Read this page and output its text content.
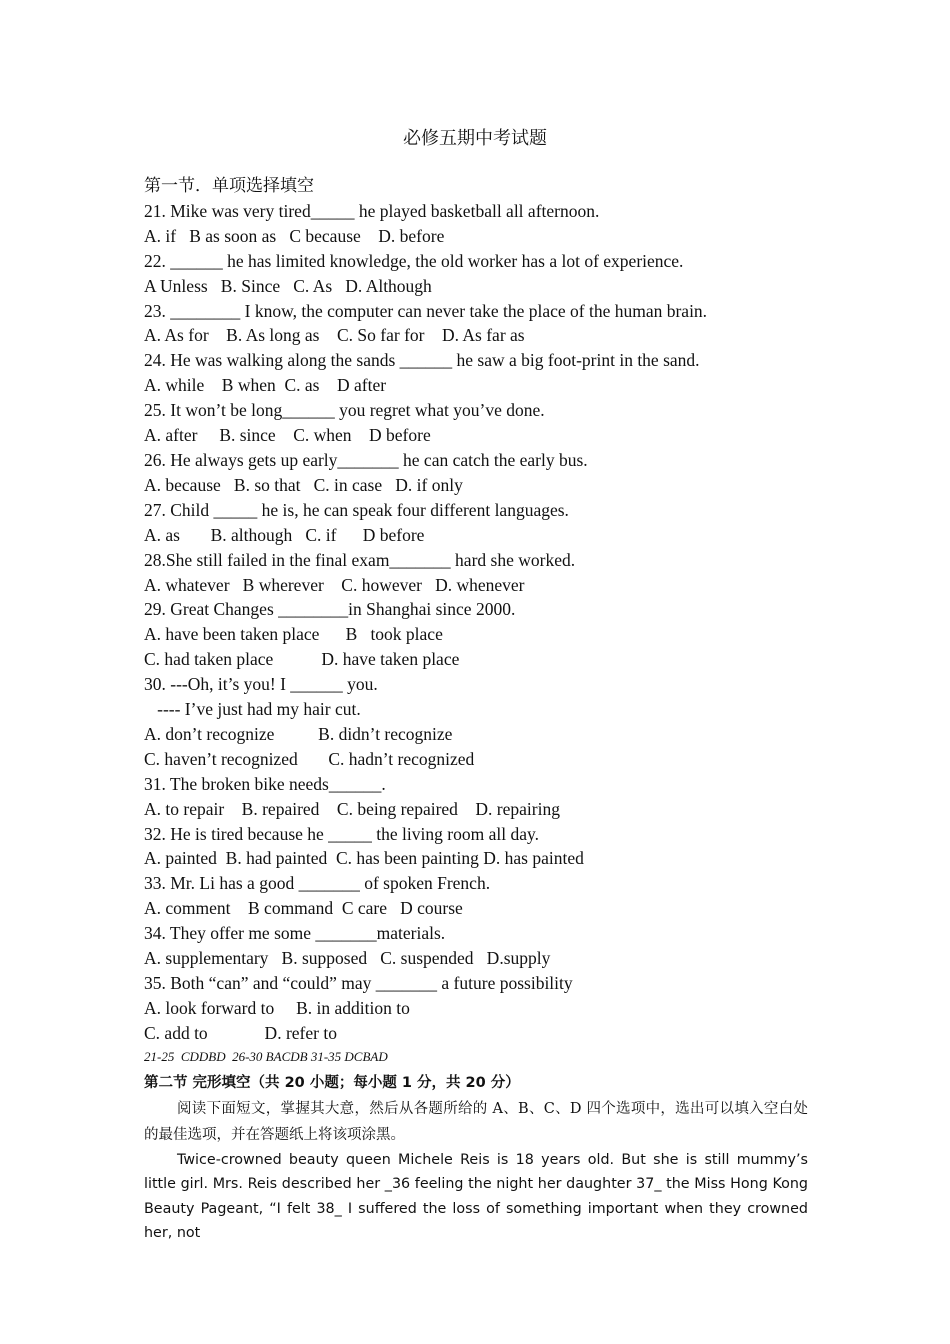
必修五期中考试题
第一节．单项选择填空
21. Mike was very tired_____ he played basketball all afternoon.
A. if   B as soon as   C because    D. before
22. ______ he has limited knowledge, the old worker has a lot of experience.
A Unless   B. Since   C. As   D. Although
23. ________ I know, the computer can never take the place of the human brain.
A. As for    B. As long as    C. So far for    D. As far as
24. He was walking along the sands ______ he saw a big foot-print in the sand.
A. while    B when  C. as    D after
25. It won’t be long______ you regret what you’ve done.
A. after     B. since    C. when    D before
26. He always gets up early_______ he can catch the early bus.
A. because   B. so that   C. in case   D. if only
27. Child _____ he is, he can speak four different languages.
A. as       B. although   C. if      D before
28.She still failed in the final exam_______ hard she worked.
A. whatever   B wherever    C. however   D. whenever
29. Great Changes ________in Shanghai since 2000.
A. have been taken place      B   took place
C. had taken place           D. have taken place
30. ---Oh, it’s you! I ______ you.
---- I’ve just had my hair cut.
A. don’t recognize          B. didn’t recognize
C. haven’t recognized       C. hadn’t recognized
31. The broken bike needs______.
A. to repair    B. repaired    C. being repaired    D. repairing
32. He is tired because he _____ the living room all day.
A. painted  B. had painted  C. has been painting D. has painted
33. Mr. Li has a good _______ of spoken French.
A. comment    B command  C care   D course
34. They offer me some _______materials.
A. supplementary   B. supposed   C. suspended   D.supply
35. Both “can” and “could” may _______ a future possibility
A. look forward to     B. in addition to
C. add to             D. refer to
21-25  CDDBD  26-30 BACDB 31-35 DCBAD
第二节 完形填空（共 20 小题；每小题 1 分，共 20 分）

阅读下面短文，掌握其大意，然后从各题所给的 A、B、C、D 四个选项中，选出可以填入空白处的最佳选项，并在答题纸上将该项涂黑。

Twice-crowned beauty queen Michele Reis is 18 years old. But she is still mummy’s little girl. Mrs. Reis described her _36 feeling the night her daughter 37_ the Miss Hong Kong Beauty Pageant, “I felt 38_ I suffered the loss of something important when they crowned her, not
